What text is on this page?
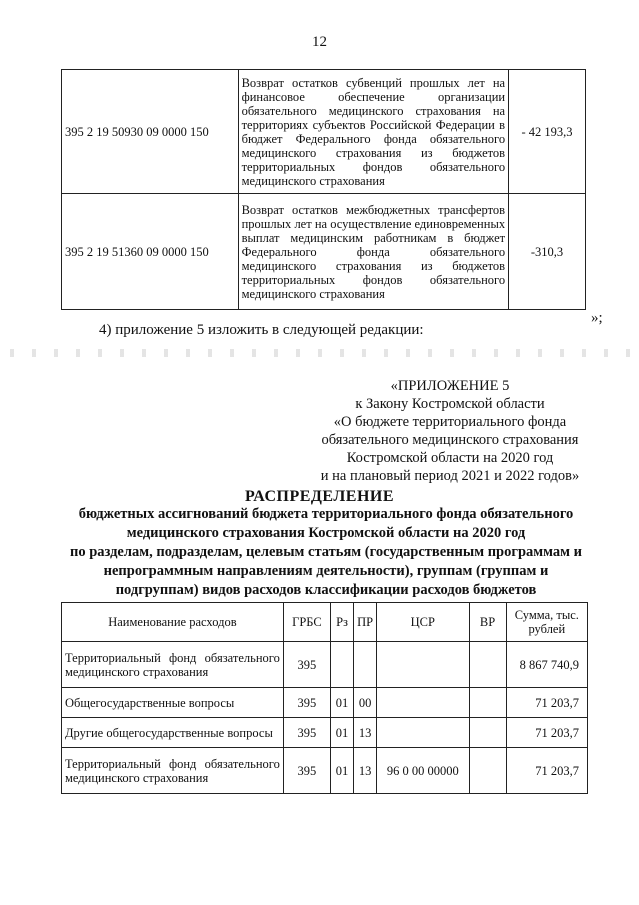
12
395 2 19 50930 09 0000 150	Возврат остатков субвенций прошлых лет на финансовое обеспечение организации обязательного медицинского страхования на территориях субъектов Российской Федерации в бюджет Федерального фонда обязательного медицинского страхования из бюджетов территориальных фондов обязательного медицинского страхования	- 42 193,3
395 2 19 51360 09 0000 150	Возврат остатков межбюджетных трансфертов прошлых лет на осуществление единовременных выплат медицинским работникам в бюджет Федерального фонда обязательного медицинского страхования из бюджетов территориальных фондов обязательного медицинского страхования	-310,3
»;
4) приложение 5 изложить в следующей редакции:
«ПРИЛОЖЕНИЕ 5
к Закону Костромской области
«О бюджете территориального фонда
обязательного медицинского страхования
Костромской области на 2020 год
и на плановый период 2021 и 2022 годов»
РАСПРЕДЕЛЕНИЕ
бюджетных ассигнований бюджета территориального фонда обязательного
медицинского страхования Костромской области на 2020 год
по разделам, подразделам, целевым статьям (государственным программам и
непрограммным направлениям деятельности), группам (группам и
подгруппам) видов расходов классификации расходов бюджетов
Наименование расходов	ГРБС	Рз	ПР	ЦСР	ВР	Сумма, тыс. рублей
Территориальный фонд обязательного медицинского страхования	395					8 867 740,9
Общегосударственные вопросы	395	01	00			71 203,7
Другие общегосударственные вопросы	395	01	13			71 203,7
Территориальный фонд обязательного медицинского страхования	395	01	13	96 0 00 00000		71 203,7
